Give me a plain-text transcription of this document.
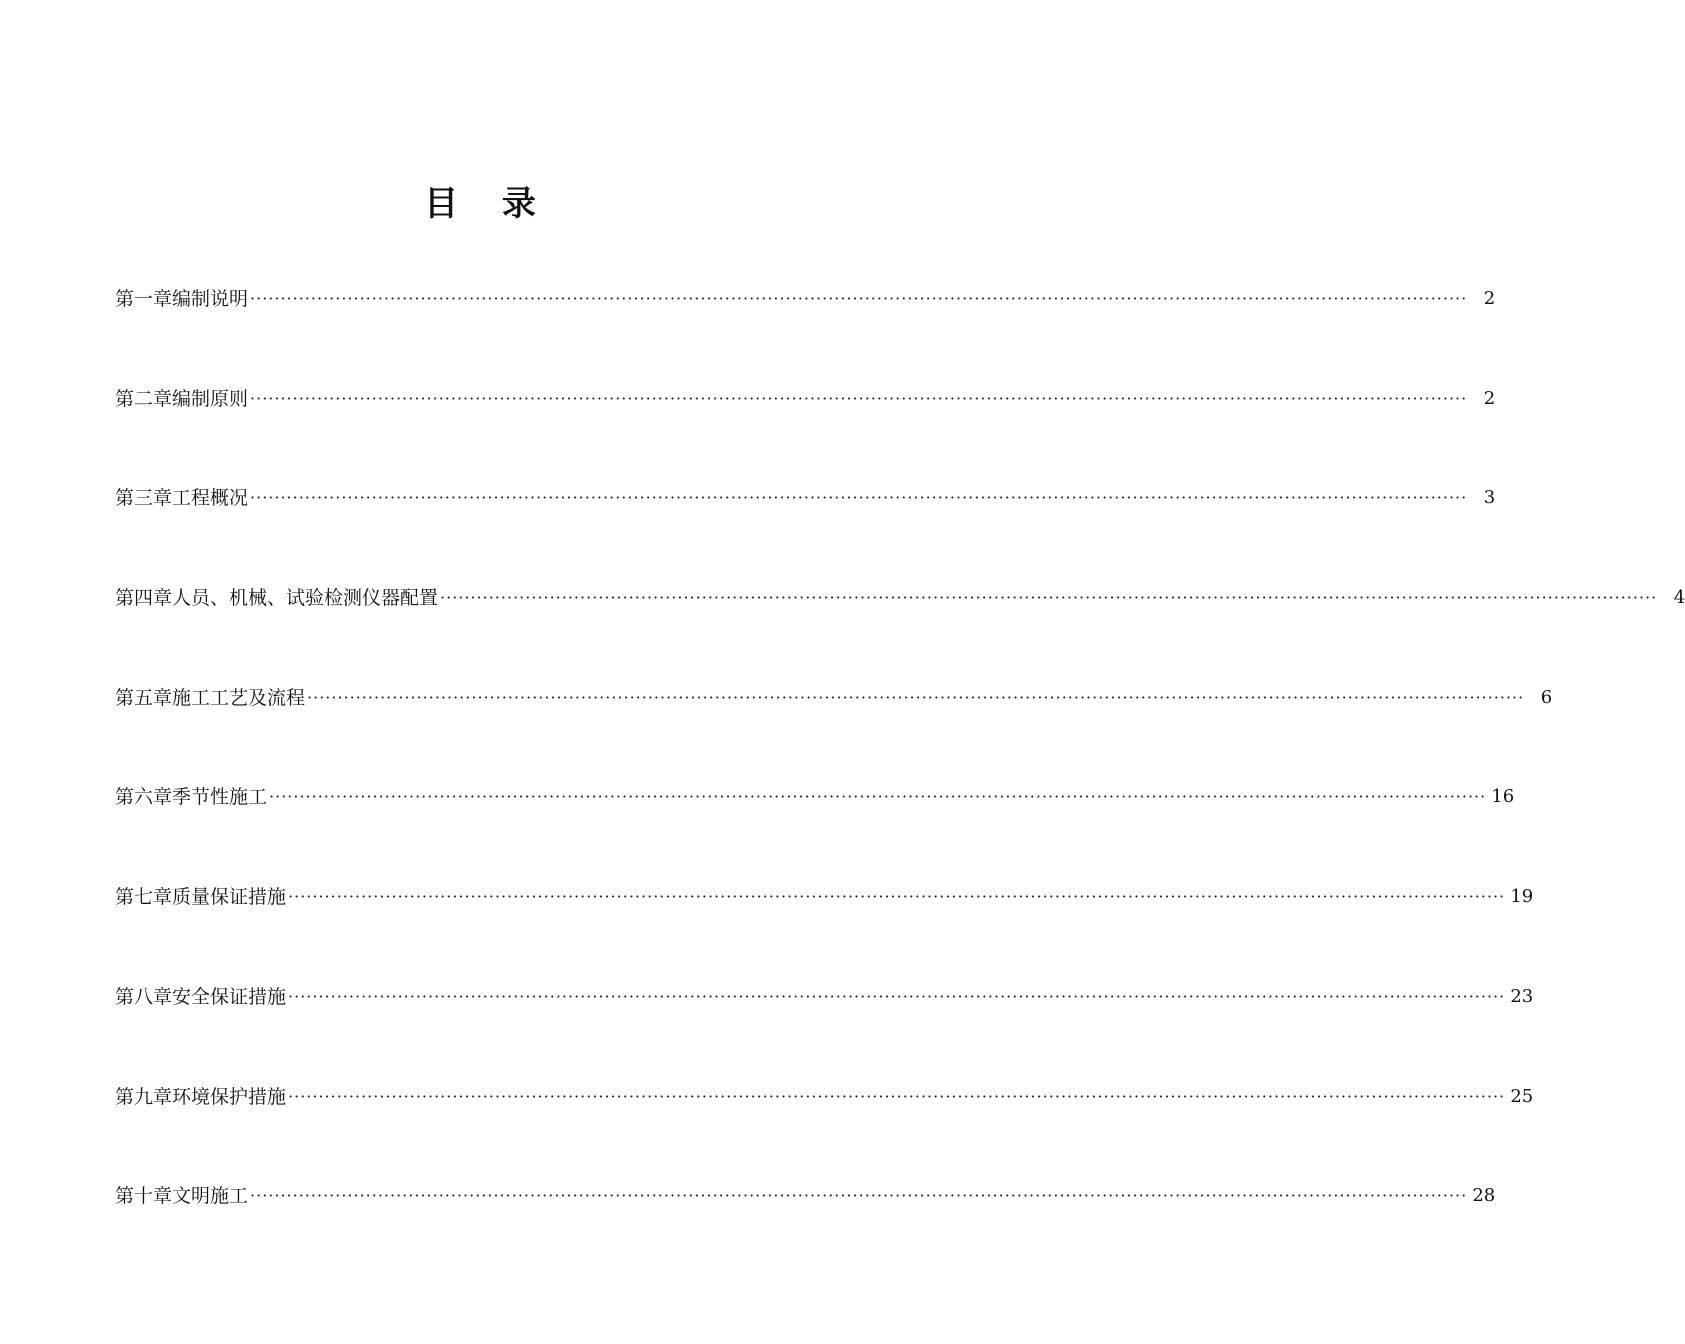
目 录
第一章 编制说明 ········································································································································································································ 2
第二章 编制原则 ········································································································································································································ 2
第三章 工程概况 ········································································································································································································ 3
第四章 人员、机械、试验检测仪器配置 ········································································································································································································ 4
第五章 施工工艺及流程 ········································································································································································································ 6
第六章 季节性施工 ········································································································································································································ 16
第七章 质量保证措施 ········································································································································································································ 19
第八章 安全保证措施 ········································································································································································································ 23
第九章 环境保护措施 ········································································································································································································ 25
第十章 文明施工 ········································································································································································································ 28
